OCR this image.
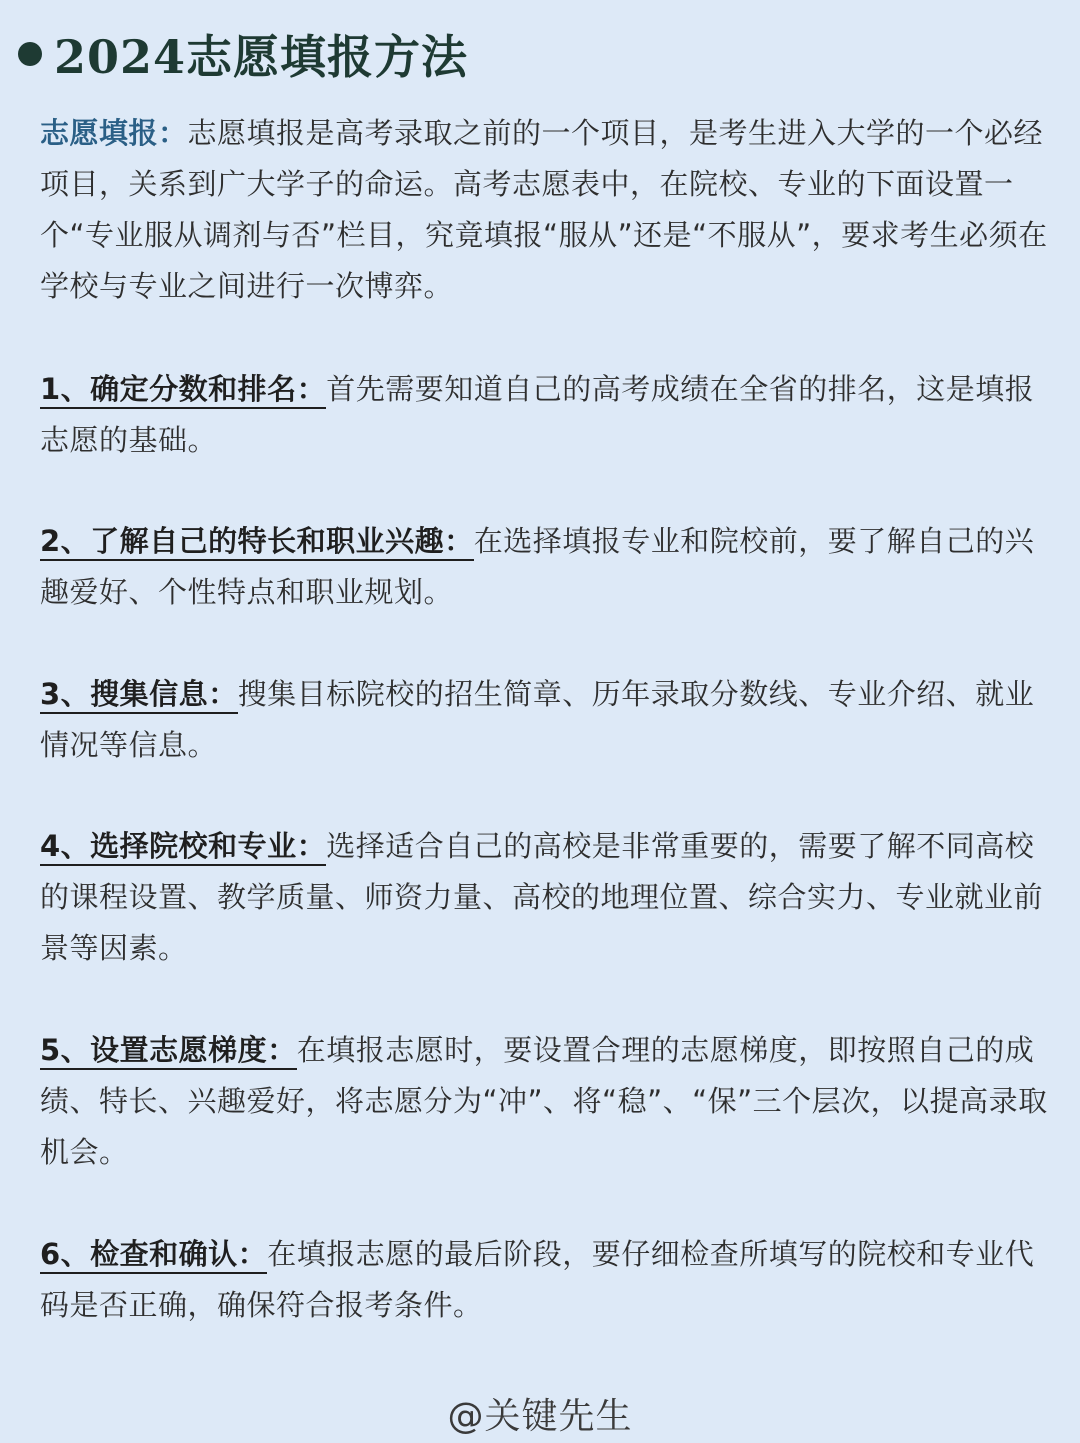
2024志愿填报方法
志愿填报：志愿填报是高考录取之前的一个项目，是考生进入大学的一个必经项目，关系到广大学子的命运。高考志愿表中，在院校、专业的下面设置一个“专业服从调剂与否”栏目，究竟填报“服从”还是“不服从”，要求考生必须在学校与专业之间进行一次博弈。
1、确定分数和排名：首先需要知道自己的高考成绩在全省的排名，这是填报志愿的基础。
2、了解自己的特长和职业兴趣：在选择填报专业和院校前，要了解自己的兴趣爱好、个性特点和职业规划。
3、搜集信息：搜集目标院校的招生简章、历年录取分数线、专业介绍、就业情况等信息。
4、选择院校和专业：选择适合自己的高校是非常重要的，需要了解不同高校的课程设置、教学质量、师资力量、高校的地理位置、综合实力、专业就业前景等因素。
5、设置志愿梯度：在填报志愿时，要设置合理的志愿梯度，即按照自己的成绩、特长、兴趣爱好，将志愿分为“冲”、将“稳”、“保”三个层次，以提高录取机会。
6、检查和确认：在填报志愿的最后阶段，要仔细检查所填写的院校和专业代码是否正确，确保符合报考条件。
@关键先生
